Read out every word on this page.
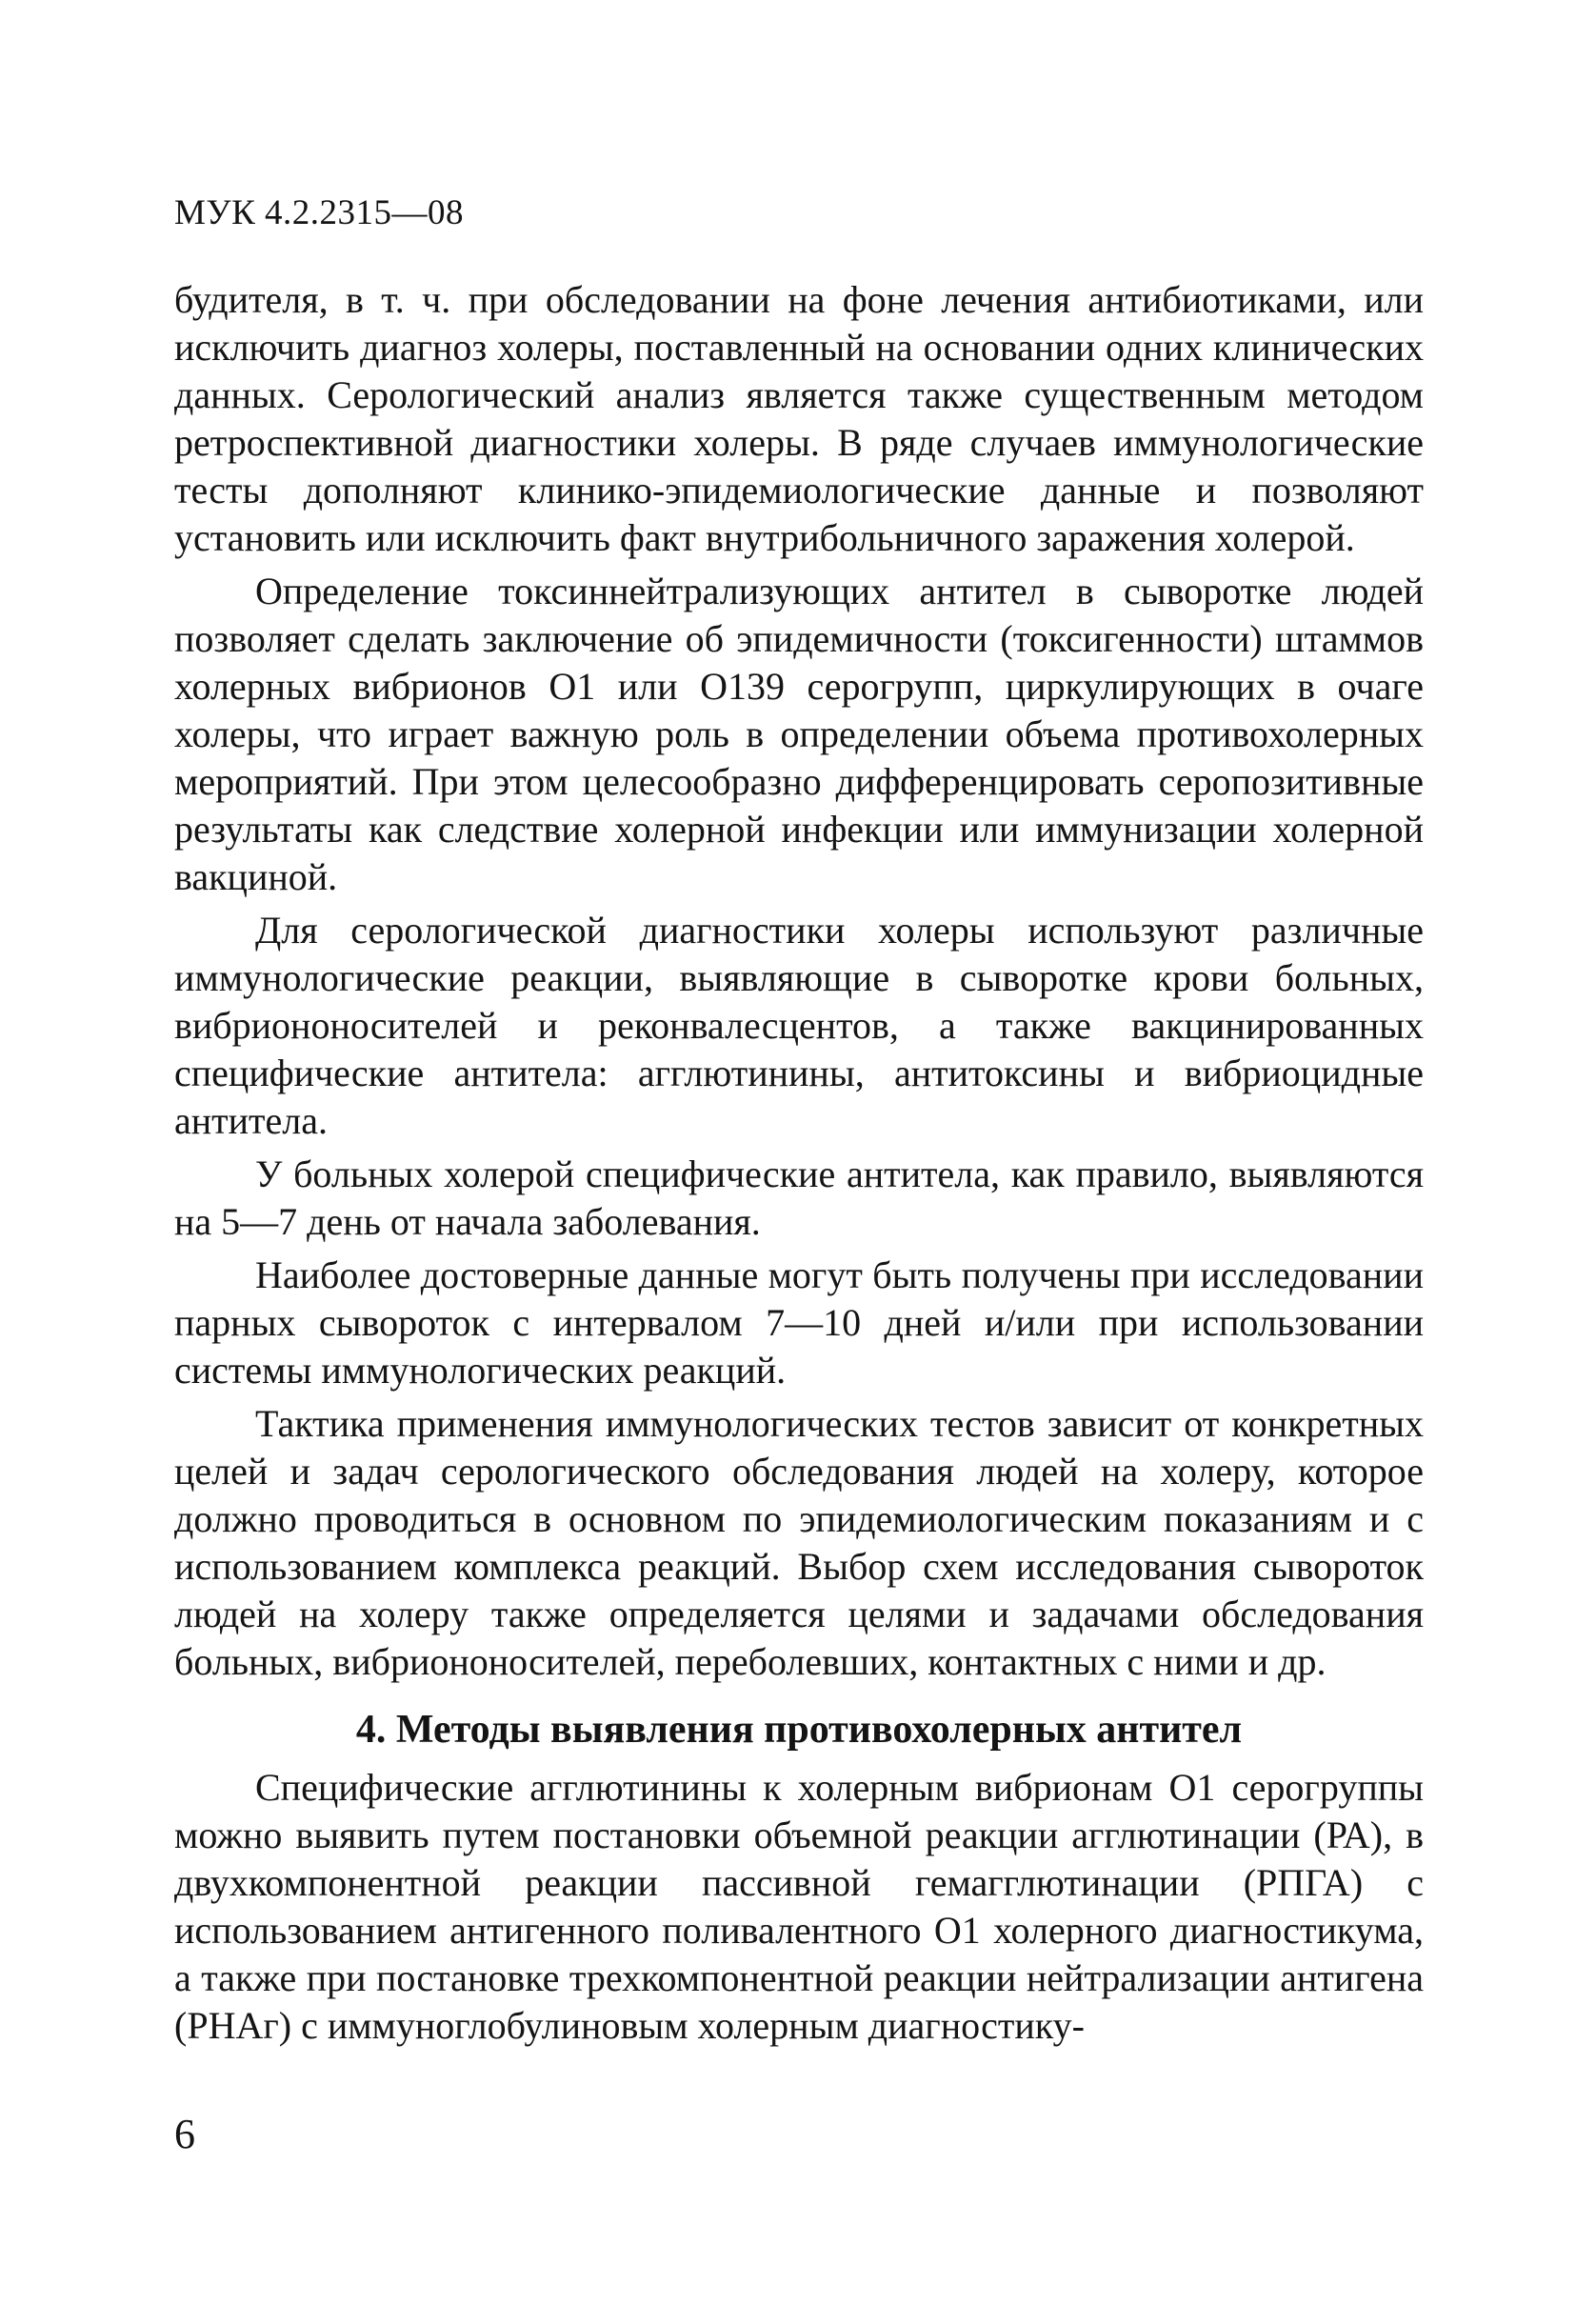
МУК 4.2.2315—08

будителя, в т. ч. при обследовании на фоне лечения антибиотиками, или исключить диагноз холеры, поставленный на основании одних клинических данных. Серологический анализ является также существенным методом ретроспективной диагностики холеры. В ряде случаев иммунологические тесты дополняют клинико-эпидемиологические данные и позволяют установить или исключить факт внутрибольничного заражения холерой.

Определение токсиннейтрализующих антител в сыворотке людей позволяет сделать заключение об эпидемичности (токсигенности) штаммов холерных вибрионов O1 или O139 серогрупп, циркулирующих в очаге холеры, что играет важную роль в определении объема противохолерных мероприятий. При этом целесообразно дифференцировать серопозитивные результаты как следствие холерной инфекции или иммунизации холерной вакциной.

Для серологической диагностики холеры используют различные иммунологические реакции, выявляющие в сыворотке крови больных, вибриононосителей и реконвалесцентов, а также вакцинированных специфические антитела: агглютинины, антитоксины и вибриоцидные антитела.

У больных холерой специфические антитела, как правило, выявляются на 5—7 день от начала заболевания.

Наиболее достоверные данные могут быть получены при исследовании парных сывороток с интервалом 7—10 дней и/или при использовании системы иммунологических реакций.

Тактика применения иммунологических тестов зависит от конкретных целей и задач серологического обследования людей на холеру, которое должно проводиться в основном по эпидемиологическим показаниям и с использованием комплекса реакций. Выбор схем исследования сывороток людей на холеру также определяется целями и задачами обследования больных, вибриононосителей, переболевших, контактных с ними и др.

4. Методы выявления противохолерных антител

Специфические агглютинины к холерным вибрионам O1 серогруппы можно выявить путем постановки объемной реакции агглютинации (РА), в двухкомпонентной реакции пассивной гемагглютинации (РПГА) с использованием антигенного поливалентного O1 холерного диагностикума, а также при постановке трехкомпонентной реакции нейтрализации антигена (РНАг) с иммуноглобулиновым холерным диагностику-

6
